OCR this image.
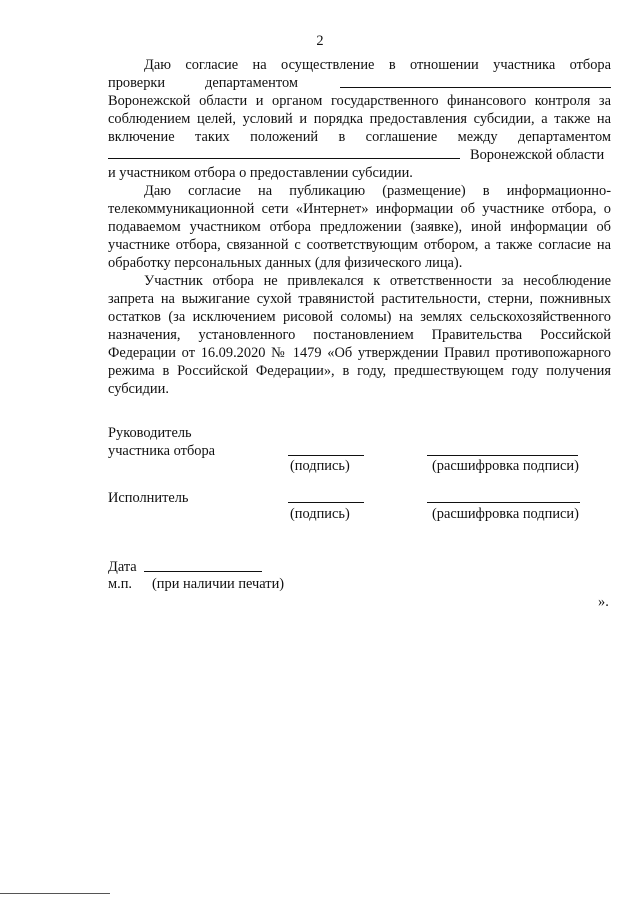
2
Даю согласие на осуществление в отношении участника отбора
проверки	департаментом
Воронежской области и органом государственного финансового контроля за
соблюдением целей, условий и порядка предоставления субсидии, а также на
включение таких положений в соглашение между департаментом
Воронежской области
и участником отбора о предоставлении субсидии.

Даю согласие на публикацию (размещение) в информационно-телекоммуникационной сети «Интернет» информации об участнике отбора, о подаваемом участником отбора предложении (заявке), иной информации об участнике отбора, связанной с соответствующим отбором, а также согласие на обработку персональных данных (для физического лица).

Участник отбора не привлекался к ответственности за несоблюдение запрета на выжигание сухой травянистой растительности, стерни, пожнивных остатков (за исключением рисовой соломы) на землях сельскохозяйственного назначения, установленного постановлением Правительства Российской Федерации от 16.09.2020 № 1479 «Об утверждении Правил противопожарного режима в Российской Федерации», в году, предшествующем году получения субсидии.

Руководитель
участника отбора
(подпись)	(расшифровка подписи)
Исполнитель
(подпись)	(расшифровка подписи)
Дата
м.п. (при наличии печати)
».
